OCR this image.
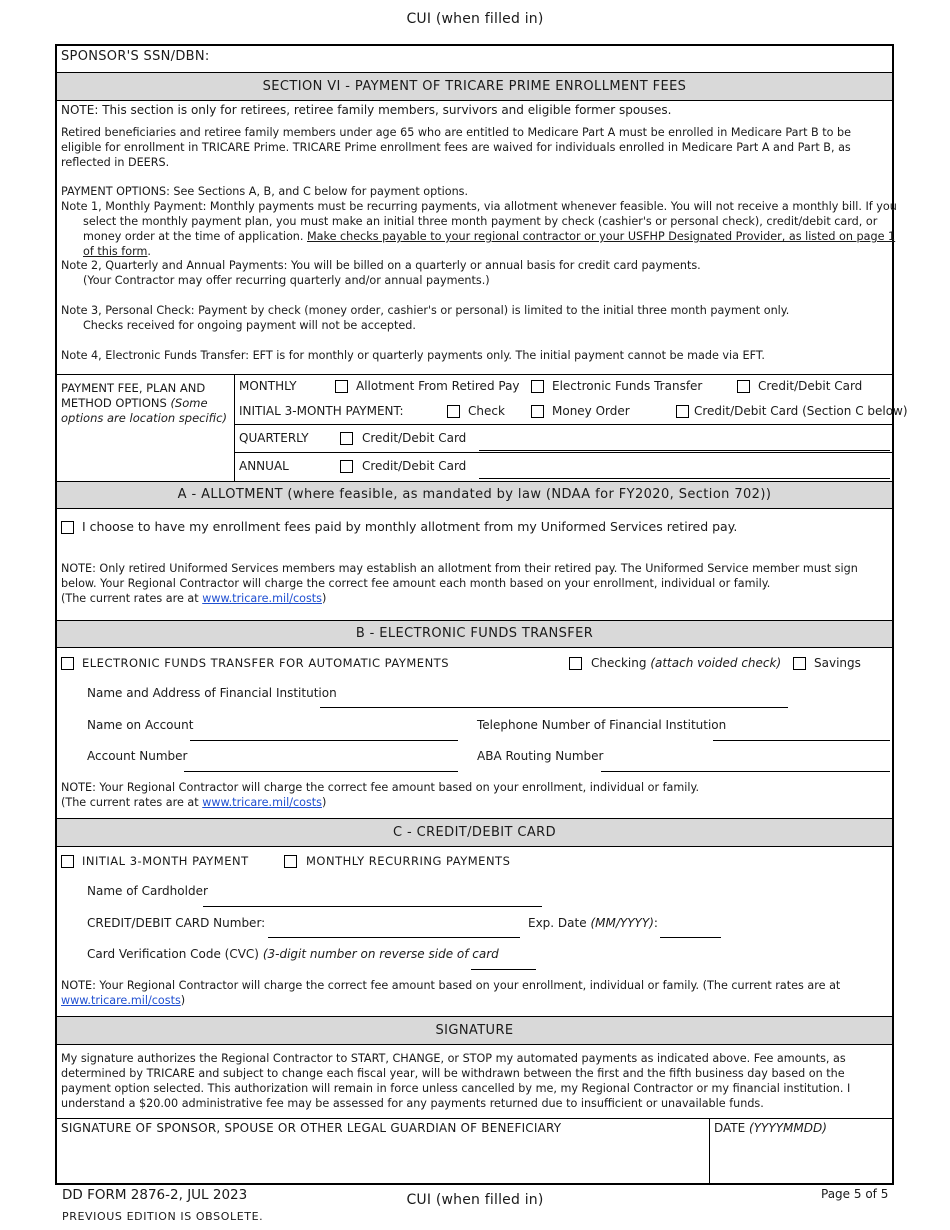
CUI (when filled in)
SPONSOR'S SSN/DBN:
SECTION VI - PAYMENT OF TRICARE PRIME ENROLLMENT FEES
NOTE: This section is only for retirees, retiree family members, survivors and eligible former spouses.
Retired beneficiaries and retiree family members under age 65 who are entitled to Medicare Part A must be enrolled in Medicare Part B to be eligible for enrollment in TRICARE Prime. TRICARE Prime enrollment fees are waived for individuals enrolled in Medicare Part A and Part B, as reflected in DEERS.
PAYMENT OPTIONS: See Sections A, B, and C below for payment options.
Note 1, Monthly Payment: Monthly payments must be recurring payments, via allotment whenever feasible. You will not receive a monthly bill. If you
select the monthly payment plan, you must make an initial three month payment by check (cashier's or personal check), credit/debit card, or
money order at the time of application. Make checks payable to your regional contractor or your USFHP Designated Provider, as listed on page 1
of this form.
Note 2, Quarterly and Annual Payments: You will be billed on a quarterly or annual basis for credit card payments.
(Your Contractor may offer recurring quarterly and/or annual payments.)
Note 3, Personal Check: Payment by check (money order, cashier's or personal) is limited to the initial three month payment only.
Checks received for ongoing payment will not be accepted.
Note 4, Electronic Funds Transfer: EFT is for monthly or quarterly payments only. The initial payment cannot be made via EFT.
PAYMENT FEE, PLAN AND
METHOD OPTIONS (Some
options are location specific)
MONTHLY	Allotment From Retired Pay	Electronic Funds Transfer	Credit/Debit Card
INITIAL 3-MONTH PAYMENT:	Check	Money Order	Credit/Debit Card (Section C below)
QUARTERLY	Credit/Debit Card
ANNUAL	Credit/Debit Card
A - ALLOTMENT (where feasible, as mandated by law (NDAA for FY2020, Section 702))
I choose to have my enrollment fees paid by monthly allotment from my Uniformed Services retired pay.
NOTE: Only retired Uniformed Services members may establish an allotment from their retired pay. The Uniformed Service member must sign
below. Your Regional Contractor will charge the correct fee amount each month based on your enrollment, individual or family.
(The current rates are at www.tricare.mil/costs)
B - ELECTRONIC FUNDS TRANSFER
ELECTRONIC FUNDS TRANSFER FOR AUTOMATIC PAYMENTS	Checking (attach voided check)	Savings
Name and Address of Financial Institution
Name on Account	Telephone Number of Financial Institution
Account Number	ABA Routing Number
NOTE: Your Regional Contractor will charge the correct fee amount based on your enrollment, individual or family.
(The current rates are at www.tricare.mil/costs)
C - CREDIT/DEBIT CARD
INITIAL 3-MONTH PAYMENT	MONTHLY RECURRING PAYMENTS
Name of Cardholder
CREDIT/DEBIT CARD Number:	Exp. Date (MM/YYYY):
Card Verification Code (CVC) (3-digit number on reverse side of card
NOTE: Your Regional Contractor will charge the correct fee amount based on your enrollment, individual or family. (The current rates are at
www.tricare.mil/costs)
SIGNATURE
My signature authorizes the Regional Contractor to START, CHANGE, or STOP my automated payments as indicated above. Fee amounts, as determined by TRICARE and subject to change each fiscal year, will be withdrawn between the first and the fifth business day based on the payment option selected. This authorization will remain in force unless cancelled by me, my Regional Contractor or my financial institution. I understand a $20.00 administrative fee may be assessed for any payments returned due to insufficient or unavailable funds.
SIGNATURE OF SPONSOR, SPOUSE OR OTHER LEGAL GUARDIAN OF BENEFICIARY	DATE (YYYYMMDD)
DD FORM 2876-2, JUL 2023
PREVIOUS EDITION IS OBSOLETE.
CUI (when filled in)	Page 5 of 5
